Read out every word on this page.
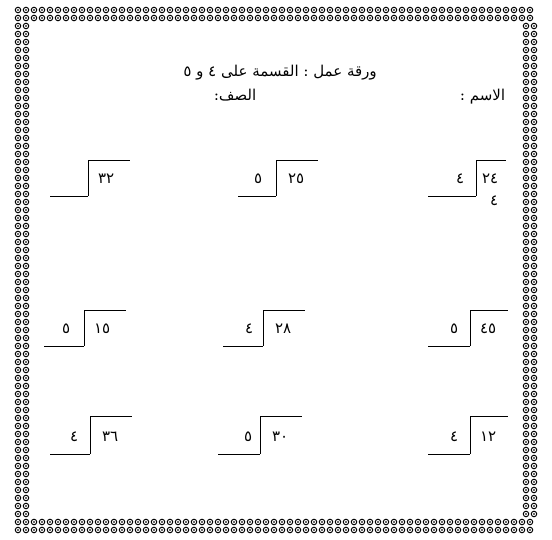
ورقة عمل : القسمة على ٤ و ٥
الاسم :
الصف:
٢٤
٤
٤
٢٥
٥
٣٢
٤٥
٥
٢٨
٤
١٥
٥
١٢
٤
٣٠
٥
٣٦
٤
